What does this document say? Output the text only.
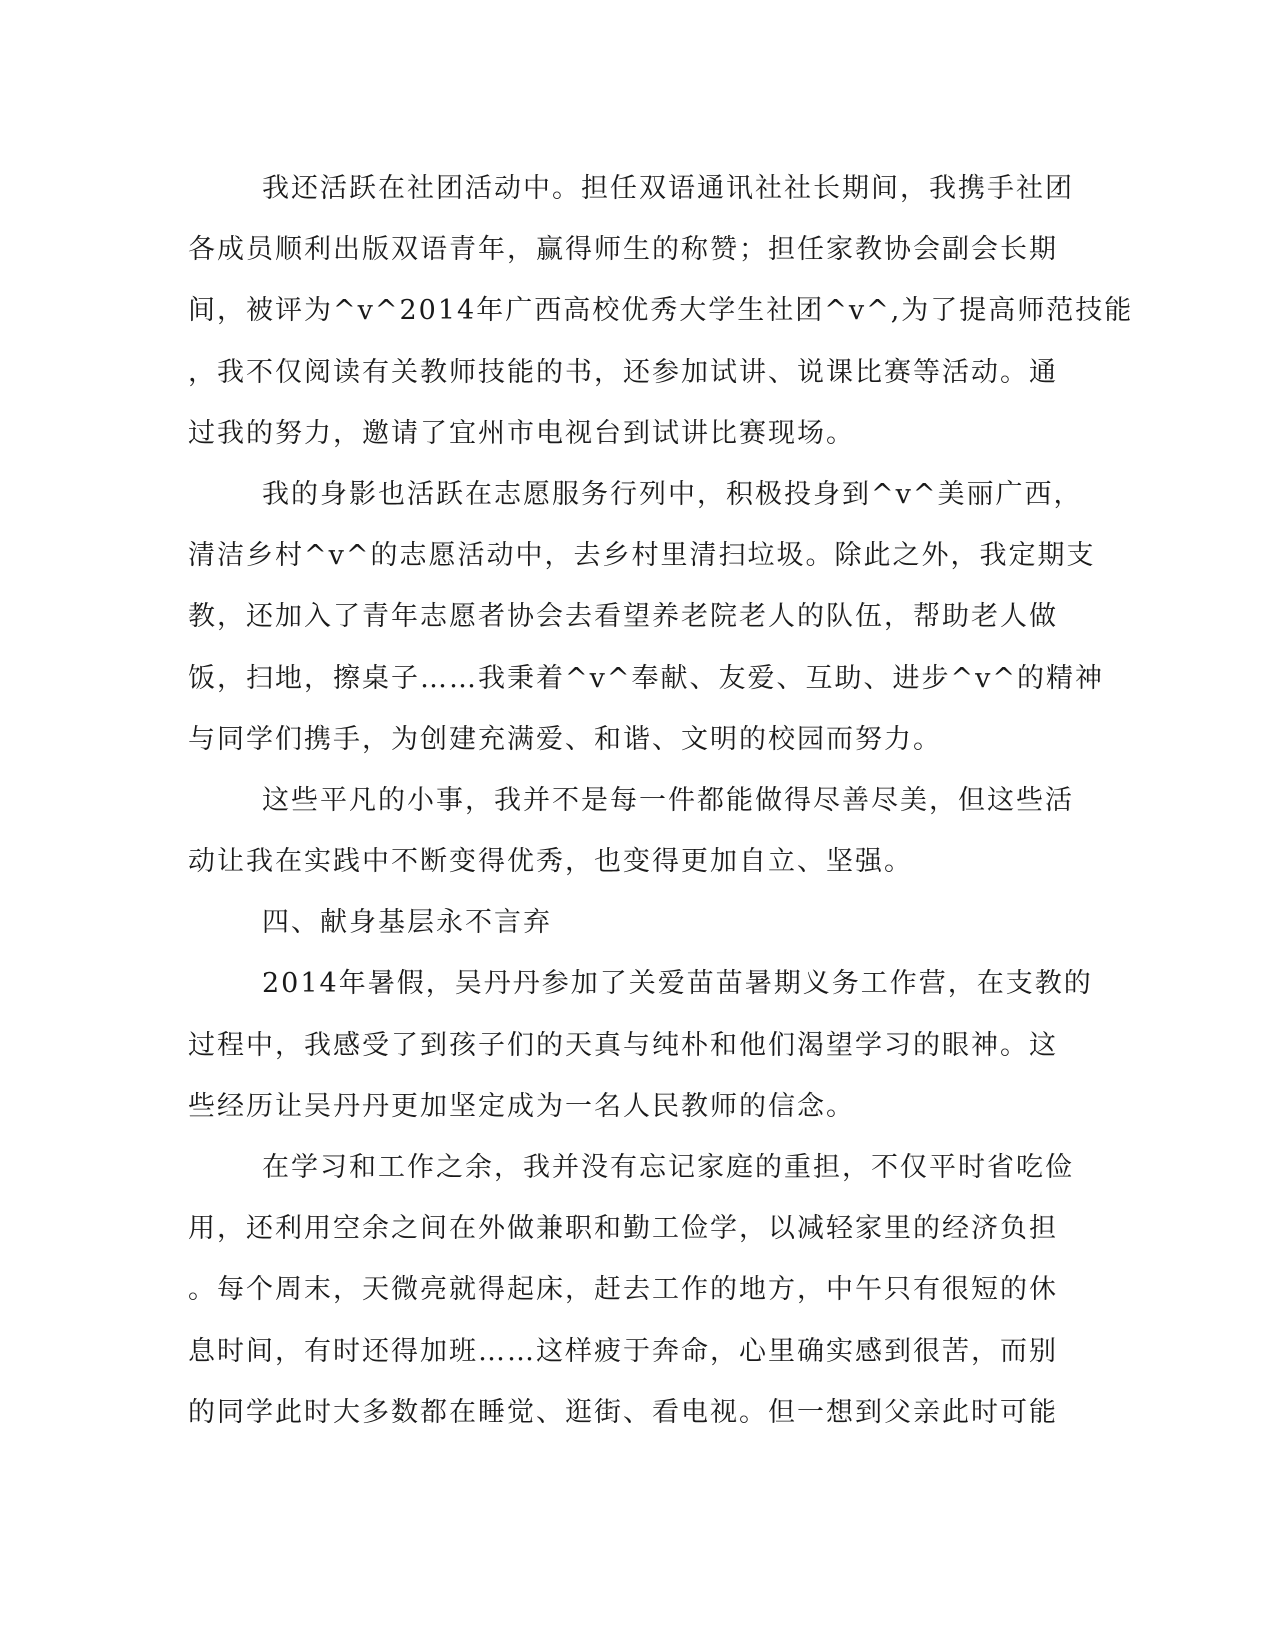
我还活跃在社团活动中。担任双语通讯社社长期间，我携手社团
各成员顺利出版双语青年，赢得师生的称赞；担任家教协会副会长期
间，被评为^v^2014年广西高校优秀大学生社团^v^,为了提高师范技能
，我不仅阅读有关教师技能的书，还参加试讲、说课比赛等活动。通
过我的努力，邀请了宜州市电视台到试讲比赛现场。
我的身影也活跃在志愿服务行列中，积极投身到^v^美丽广西，
清洁乡村^v^的志愿活动中，去乡村里清扫垃圾。除此之外，我定期支
教，还加入了青年志愿者协会去看望养老院老人的队伍，帮助老人做
饭，扫地，擦桌子……我秉着^v^奉献、友爱、互助、进步^v^的精神
与同学们携手，为创建充满爱、和谐、文明的校园而努力。
这些平凡的小事，我并不是每一件都能做得尽善尽美，但这些活
动让我在实践中不断变得优秀，也变得更加自立、坚强。
四、献身基层永不言弃
2014年暑假，吴丹丹参加了关爱苗苗暑期义务工作营，在支教的
过程中，我感受了到孩子们的天真与纯朴和他们渴望学习的眼神。这
些经历让吴丹丹更加坚定成为一名人民教师的信念。
在学习和工作之余，我并没有忘记家庭的重担，不仅平时省吃俭
用，还利用空余之间在外做兼职和勤工俭学，以减轻家里的经济负担
。每个周末，天微亮就得起床，赶去工作的地方，中午只有很短的休
息时间，有时还得加班……这样疲于奔命，心里确实感到很苦，而别
的同学此时大多数都在睡觉、逛街、看电视。但一想到父亲此时可能
